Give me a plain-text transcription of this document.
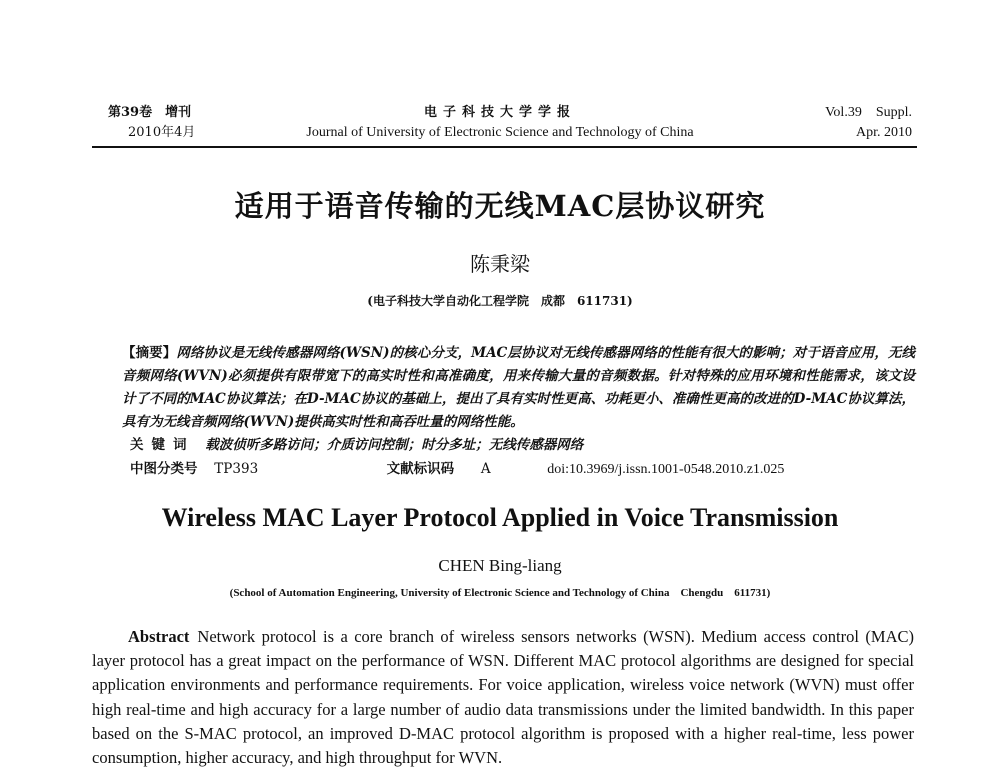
第39卷　增刊
2010年4月
电子科技大学学报
Journal of University of Electronic Science and Technology of China
Vol.39　Suppl.
Apr. 2010
适用于语音传输的无线MAC层协议研究
陈秉梁
(电子科技大学自动化工程学院　成都　611731)
【摘要】网络协议是无线传感器网络(WSN)的核心分支，MAC层协议对无线传感器网络的性能有很大的影响；对于语音应用，无线音频网络(WVN)必须提供有限带宽下的高实时性和高准确度，用来传输大量的音频数据。针对特殊的应用环境和性能需求，该文设计了不同的MAC协议算法；在D-MAC协议的基础上，提出了具有实时性更高、功耗更小、准确性更高的改进的D-MAC协议算法，具有为无线音频网络(WVN)提供高实时性和高吞吐量的网络性能。
关键词 载波侦听多路访问；介质访问控制；时分多址；无线传感器网络
中图分类号 TP393	文献标识码 A	doi:10.3969/j.issn.1001-0548.2010.z1.025
Wireless MAC Layer Protocol Applied in Voice Transmission
CHEN Bing-liang
(School of Automation Engineering, University of Electronic Science and Technology of China　Chengdu　611731)
Abstract Network protocol is a core branch of wireless sensors networks (WSN). Medium access control (MAC) layer protocol has a great impact on the performance of WSN. Different MAC protocol algorithms are designed for special application environments and performance requirements. For voice application, wireless voice network (WVN) must offer high real-time and high accuracy for a large number of audio data transmissions under the limited bandwidth. In this paper based on the S-MAC protocol, an improved D-MAC protocol algorithm is proposed with a higher real-time, less power consumption, higher accuracy, and high throughput for WVN.
